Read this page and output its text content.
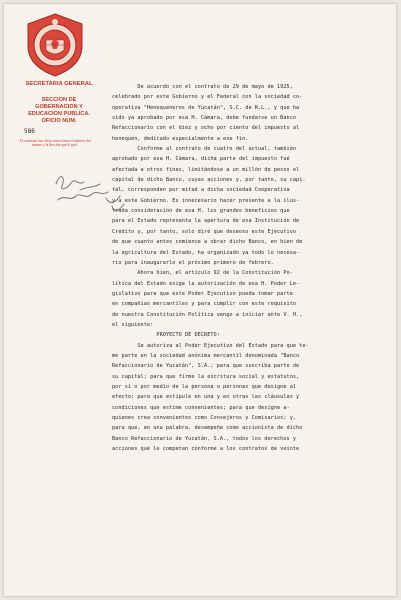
SECRETARIA GENERAL
SECCION DE
GOBERNACION Y
EDUCACION PUBLICA.
OFICIO NUM.
586
Al contestar este oficio menciónese el número del mismo y la Sección que lo giró.
De acuerdo con el contrato de 29 de mayo de 1925,
celebrado por este Gobierno y el Federal con la sociedad co-
operativa "Henequeneros de Yucatán", S.C. de R.L., y que ha
sido ya aprobado por esa H. Cámara, debe fundarse un Banco
Refaccionario con el diez y ocho por ciento del impuesto al
henequén, dedicado especialmente a ese fin.
Conforme al contrato de cuatro del actual, también
aprobado por esa H. Cámara, dicha parte del impuesto fué
afectada a otros fines, limitándose a un millón de pesos el
capital de dicho Banco, cuyas acciones y, por tanto, su capi-
tal, corresponden por mitad a dicha sociedad Cooperativa
y a este Gobierno. Es innecesario hacer presente a la ilus-
trada consideración de esa H. los grandes beneficios que
para el Estado representa la apertura de esa Institución de
Crédito y, por tanto, solo diré que deseoso este Ejecutivo
de que cuanto antes comience a obrar dicho Banco, en bien de
la agricultura del Estado, ha organizado ya todo lo necesa-
rio para inaugurarlo el próximo primero de febrero.
Ahora bien, el artículo 92 de la Constitución Po-
lítica del Estado exige la autorización de esa H. Poder Le-
gislativo para que este Poder Ejecutivo pueda tomar parte
en compañías mercantiles y para cumplir con este requisito
de nuestra Constitución Política vengo a iniciar ante V. H.,
el siguiente:
PROYECTO DE DECRETO:
Se autoriza al Poder Ejecutivo del Estado para que te-
me parte en la sociedad anónima mercantil denominada "Banco
Refaccionario de Yucatán", S.A.; para que suscriba parte de
su capital; para que firme la escritura social y estatutos,
por sí o por medio de la persona o personas que designe al
efecto; para que estipule en una y en otras las cláusulas y
condiciones que estime convenientes; para que designe a-
quienes crea convenientes como Consejeros y Comisarios; y,
para que, en una palabra, desempeñe como accionista de dicho
Banco Refaccionario de Yucatán, S.A., todos los derechos y
acciones que le competan conforme a los contratos de veinte
